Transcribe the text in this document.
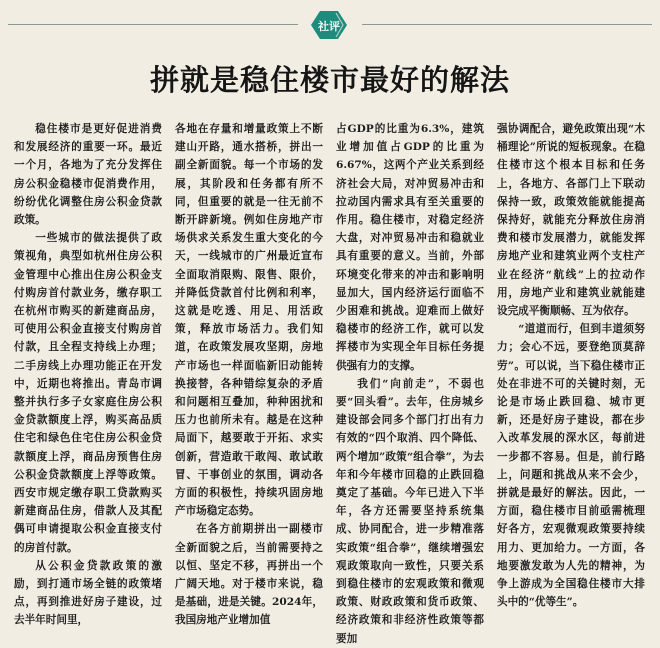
社评
拼就是稳住楼市最好的解法

稳住楼市是更好促进消费和发展经济的重要一环。最近一个月，各地为了充分发挥住房公积金稳楼市促消费作用，纷纷优化调整住房公积金贷款政策。

一些城市的做法提供了政策视角，典型如杭州住房公积金管理中心推出住房公积金支付购房首付款业务，缴存职工在杭州市购买的新建商品房，可使用公积金直接支付购房首付款，且全程支持线上办理；二手房线上办理功能正在开发中，近期也将推出。青岛市调整并执行多子女家庭住房公积金贷款额度上浮，购买高品质住宅和绿色住宅住房公积金贷款额度上浮，商品房预售住房公积金贷款额度上浮等政策。西安市规定缴存职工贷款购买新建商品住房，借款人及其配偶可申请提取公积金直接支付的房首付款。

从公积金贷款政策的激励，到打通市场全链的政策堵点，再到推进好房子建设，过去半年时间里，

各地在存量和增量政策上不断建山开路，通水搭桥，拼出一副全新面貌。每一个市场的发展，其阶段和任务都有所不同，但重要的就是一往无前不断开辟新境。例如住房地产市场供求关系发生重大变化的今天，一线城市的广州最近宣布全面取消限购、限售、限价，并降低贷款首付比例和利率，这就是吃透、用足、用活政策，释放市场活力。我们知道，在政策发展攻坚期，房地产市场也一样面临新旧动能转换接替，各种错综复杂的矛盾和问题相互叠加，种种困扰和压力也前所未有。越是在这种局面下，越要敢于开拓、求实创新，营造敢干敢闯、敢试敢冒、干事创业的氛围，调动各方面的积极性，持续巩固房地产市场稳定态势。

在各方前期拼出一副楼市全新面貌之后，当前需要持之以恒、坚定不移，再拼出一个广阔天地。对于楼市来说，稳是基础，进是关键。2024年，我国房地产业增加值

占GDP的比重为6.3%，建筑业增加值占GDP的比重为6.67%，这两个产业关系到经济社会大局，对冲贸易冲击和拉动国内需求具有至关重要的作用。稳住楼市，对稳定经济大盘，对冲贸易冲击和稳就业具有重要的意义。当前，外部环境变化带来的冲击和影响明显加大，国内经济运行面临不少困难和挑战。迎难而上做好稳楼市的经济工作，就可以发挥楼市为实现全年目标任务提供强有力的支撑。

我们“向前走”，不弱也要“回头看”。去年，住房城乡建设部会同多个部门打出有力有效的“四个取消、四个降低、两个增加”政策“组合拳”，为去年和今年楼市回稳的止跌回稳奠定了基础。今年已进入下半年，各方还需要坚持系统集成、协同配合，进一步精准落实政策“组合拳”，继续增强宏观政策取向一致性，只要关系到稳住楼市的宏观政策和微观政策、财政政策和货币政策、经济政策和非经济性政策等都要加

强协调配合，避免政策出现“木桶理论”所说的短板现象。在稳住楼市这个根本目标和任务上，各地方、各部门上下联动保持一致，政策效能就能提高保持好，就能充分释放住房消费和楼市发展潜力，就能发挥房地产业和建筑业两个支柱产业在经济“航线”上的拉动作用，房地产业和建筑业就能建设完成平衡顺畅、互为依存。

“道道而行，但到丰道须努力；会心不远，要登绝顶莫辞劳”。可以说，当下稳住楼市正处在非进不可的关键时刻，无论是市场止跌回稳、城市更新，还是好房子建设，都在步入改革发展的深水区，每前进一步都不容易。但是，前行路上，问题和挑战从来不会少，拼就是最好的解法。因此，一方面，稳住楼市目前亟需梳理好各方，宏观微观政策要持续用力、更加给力。一方面，各地要激发敢为人先的精神，为争上游成为全国稳住楼市大排头中的“优等生”。
